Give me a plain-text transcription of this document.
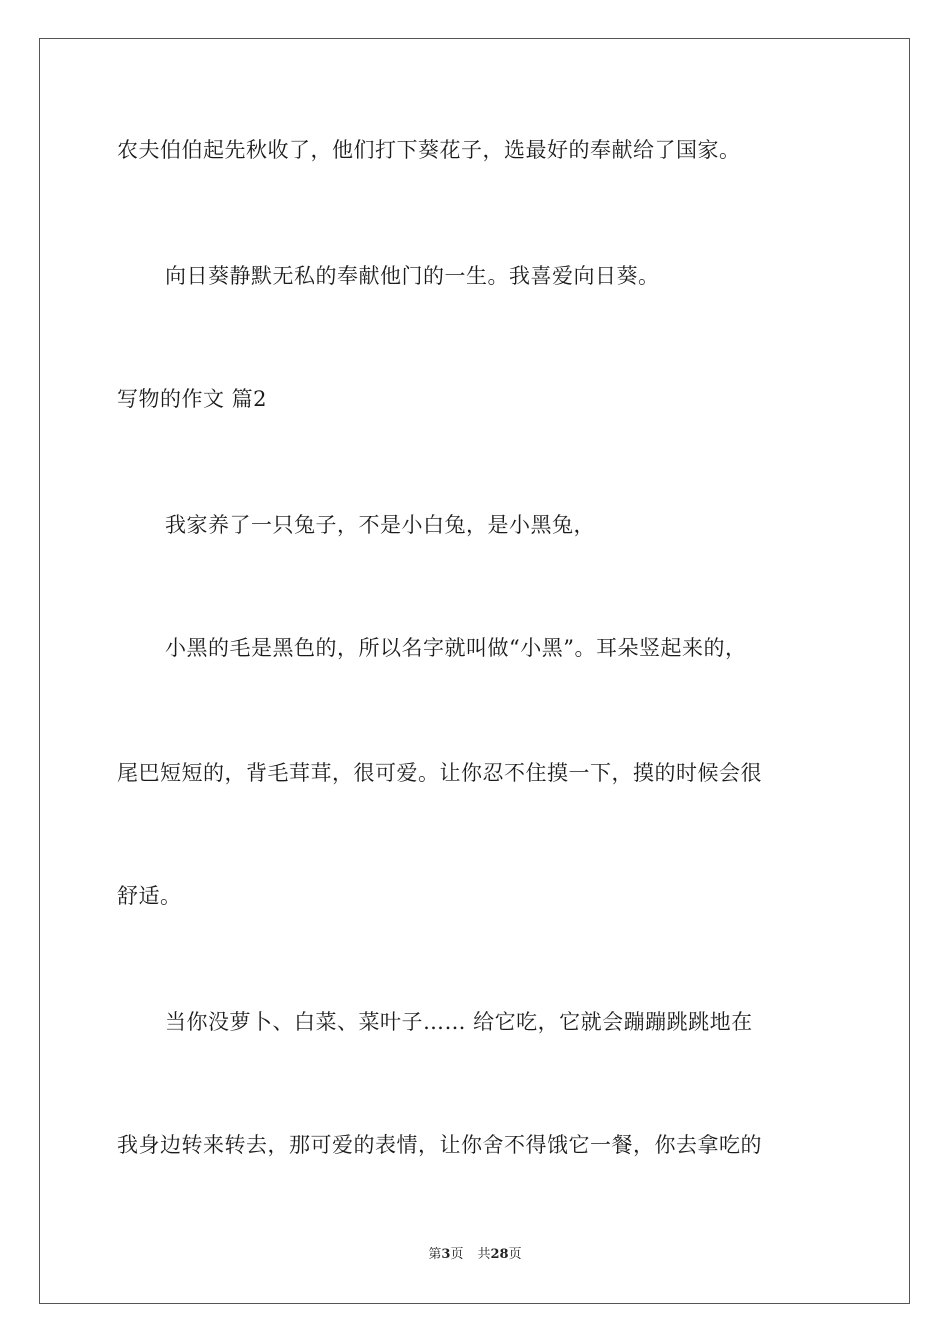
农夫伯伯起先秋收了，他们打下葵花子，选最好的奉献给了国家。
向日葵静默无私的奉献他门的一生。我喜爱向日葵。
写物的作文 篇2
我家养了一只兔子，不是小白兔，是小黑兔，
小黑的毛是黑色的，所以名字就叫做“小黑”。耳朵竖起来的，
尾巴短短的，背毛茸茸，很可爱。让你忍不住摸一下，摸的时候会很
舒适。
当你没萝卜、白菜、菜叶子…… 给它吃，它就会蹦蹦跳跳地在
我身边转来转去，那可爱的表情，让你舍不得饿它一餐，你去拿吃的
第3页 共28页
